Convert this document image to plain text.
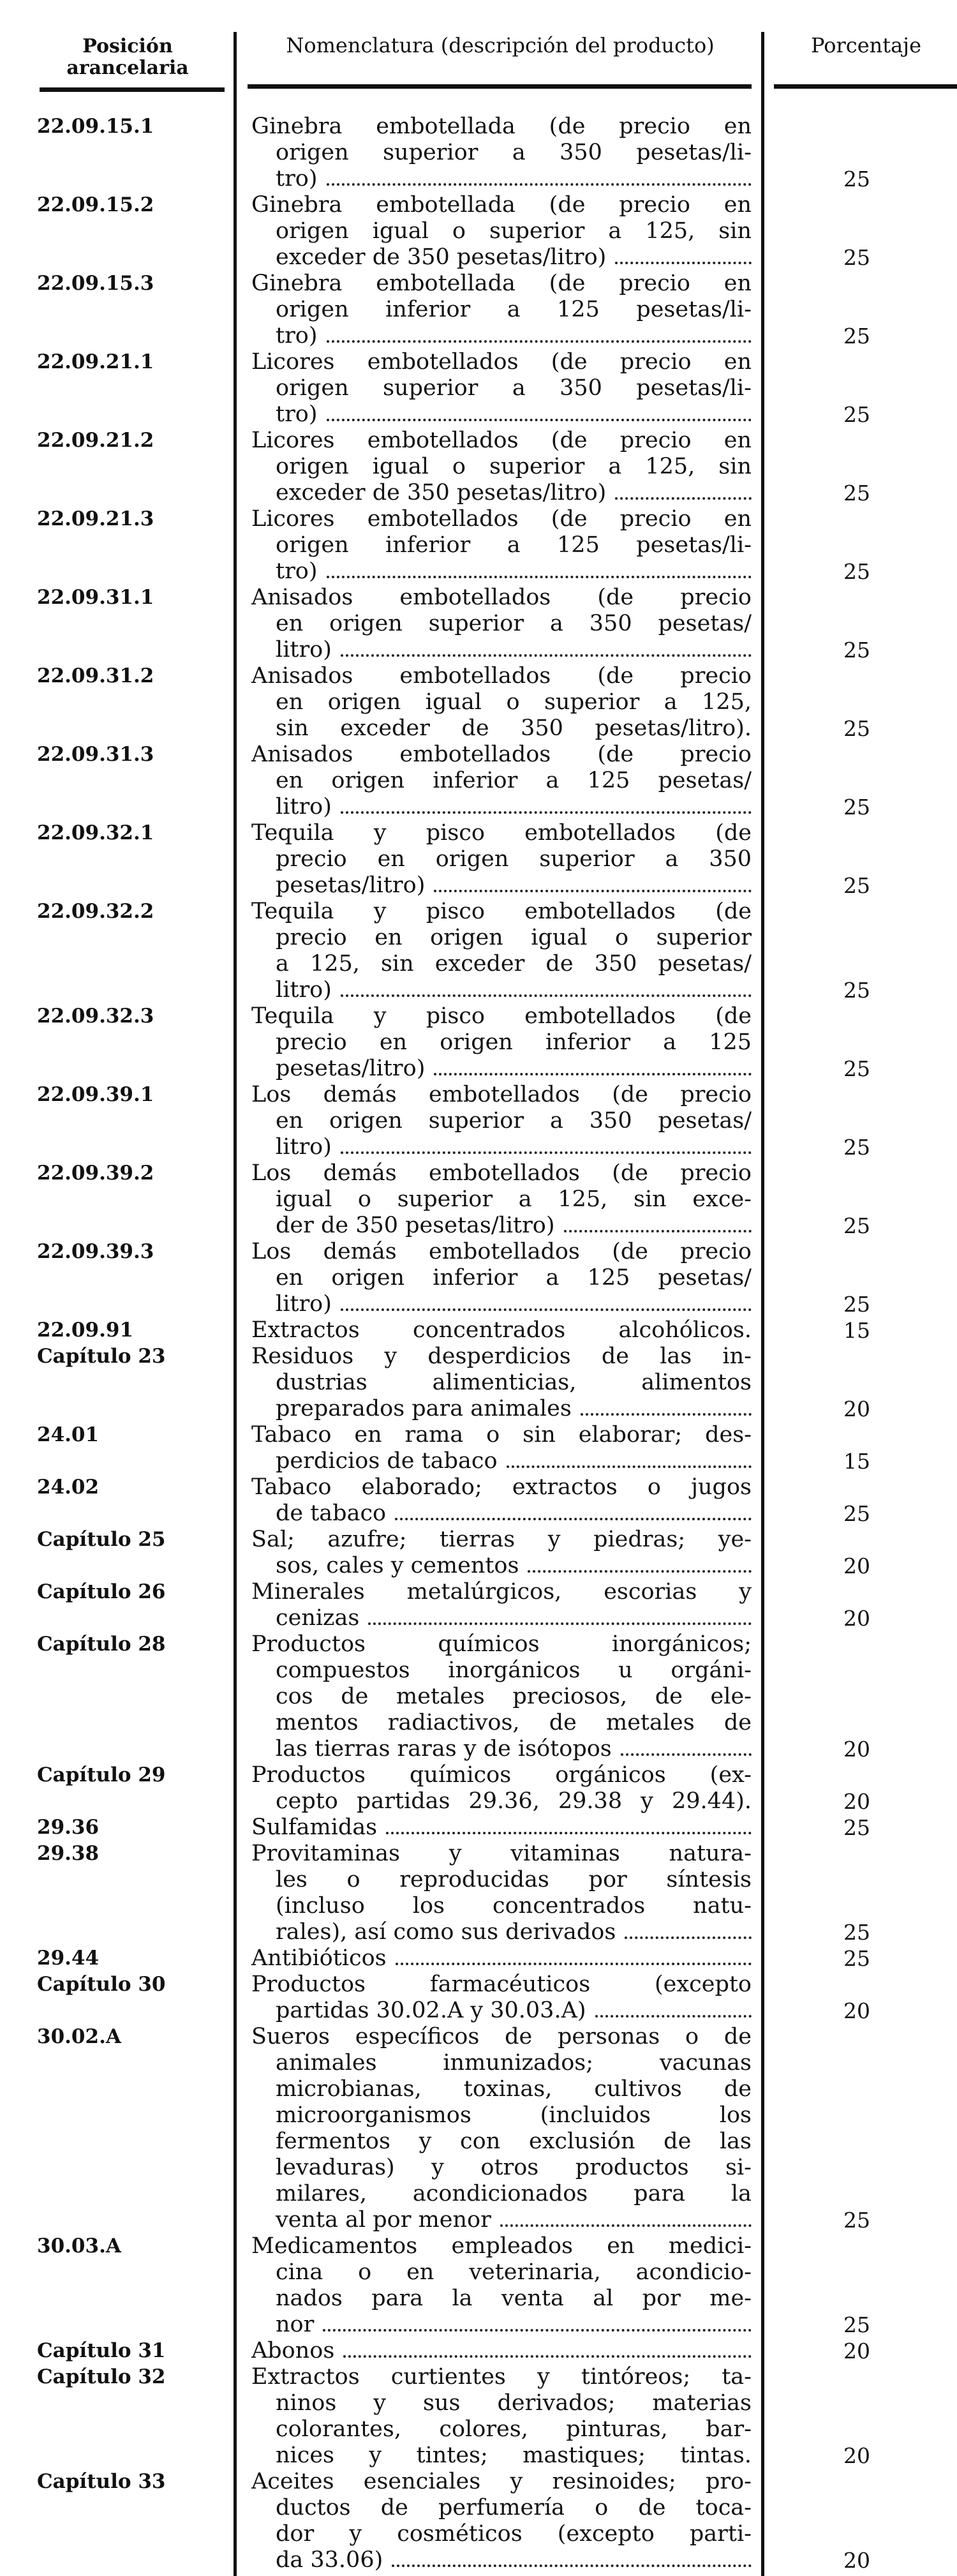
Posición arancelaria
Nomenclatura (descripción del producto)	Porcentaje
22.09.15.1	Ginebra embotellada (de precio en
origen superior a 350 pesetas/li-
tro)	25
22.09.15.2	Ginebra embotellada (de precio en
origen igual o superior a 125, sin
exceder de 350 pesetas/litro)	25
22.09.15.3	Ginebra embotellada (de precio en
origen inferior a 125 pesetas/li-
tro)	25
22.09.21.1	Licores embotellados (de precio en
origen superior a 350 pesetas/li-
tro)	25
22.09.21.2	Licores embotellados (de precio en
origen igual o superior a 125, sin
exceder de 350 pesetas/litro)	25
22.09.21.3	Licores embotellados (de precio en
origen inferior a 125 pesetas/li-
tro)	25
22.09.31.1	Anisados embotellados (de precio
en origen superior a 350 pesetas/
litro)	25
22.09.31.2	Anisados embotellados (de precio
en origen igual o superior a 125,
sin exceder de 350 pesetas/litro).	25
22.09.31.3	Anisados embotellados (de precio
en origen inferior a 125 pesetas/
litro)	25
22.09.32.1	Tequila y pisco embotellados (de
precio en origen superior a 350
pesetas/litro)	25
22.09.32.2	Tequila y pisco embotellados (de
precio en origen igual o superior
a 125, sin exceder de 350 pesetas/
litro)	25
22.09.32.3	Tequila y pisco embotellados (de
precio en origen inferior a 125
pesetas/litro)	25
22.09.39.1	Los demás embotellados (de precio
en origen superior a 350 pesetas/
litro)	25
22.09.39.2	Los demás embotellados (de precio
igual o superior a 125, sin exce-
der de 350 pesetas/litro)	25
22.09.39.3	Los demás embotellados (de precio
en origen inferior a 125 pesetas/
litro)	25
22.09.91	Extractos concentrados alcohólicos.	15
Capítulo 23	Residuos y desperdicios de las in-
dustrias alimenticias, alimentos
preparados para animales	20
24.01	Tabaco en rama o sin elaborar; des-
perdicios de tabaco	15
24.02	Tabaco elaborado; extractos o jugos
de tabaco	25
Capítulo 25	Sal; azufre; tierras y piedras; ye-
sos, cales y cementos	20
Capítulo 26	Minerales metalúrgicos, escorias y
cenizas	20
Capítulo 28	Productos químicos inorgánicos;
compuestos inorgánicos u orgáni-
cos de metales preciosos, de ele-
mentos radiactivos, de metales de
las tierras raras y de isótopos	20
Capítulo 29	Productos químicos orgánicos (ex-
cepto partidas 29.36, 29.38 y 29.44).	20
29.36	Sulfamidas	25
29.38	Provitaminas y vitaminas natura-
les o reproducidas por síntesis
(incluso los concentrados natu-
rales), así como sus derivados	25
29.44	Antibióticos	25
Capítulo 30	Productos farmacéuticos (excepto
partidas 30.02.A y 30.03.A)	20
30.02.A	Sueros específicos de personas o de
animales inmunizados; vacunas
microbianas, toxinas, cultivos de
microorganismos (incluidos los
fermentos y con exclusión de las
levaduras) y otros productos si-
milares, acondicionados para la
venta al por menor	25
30.03.A	Medicamentos empleados en medici-
cina o en veterinaria, acondicio-
nados para la venta al por me-
nor	25
Capítulo 31	Abonos	20
Capítulo 32	Extractos curtientes y tintóreos; ta-
ninos y sus derivados; materias
colorantes, colores, pinturas, bar-
nices y tintes; mastiques; tintas.	20
Capítulo 33	Aceites esenciales y resinoides; pro-
ductos de perfumería o de toca-
dor y cosméticos (excepto parti-
da 33.06)	20
